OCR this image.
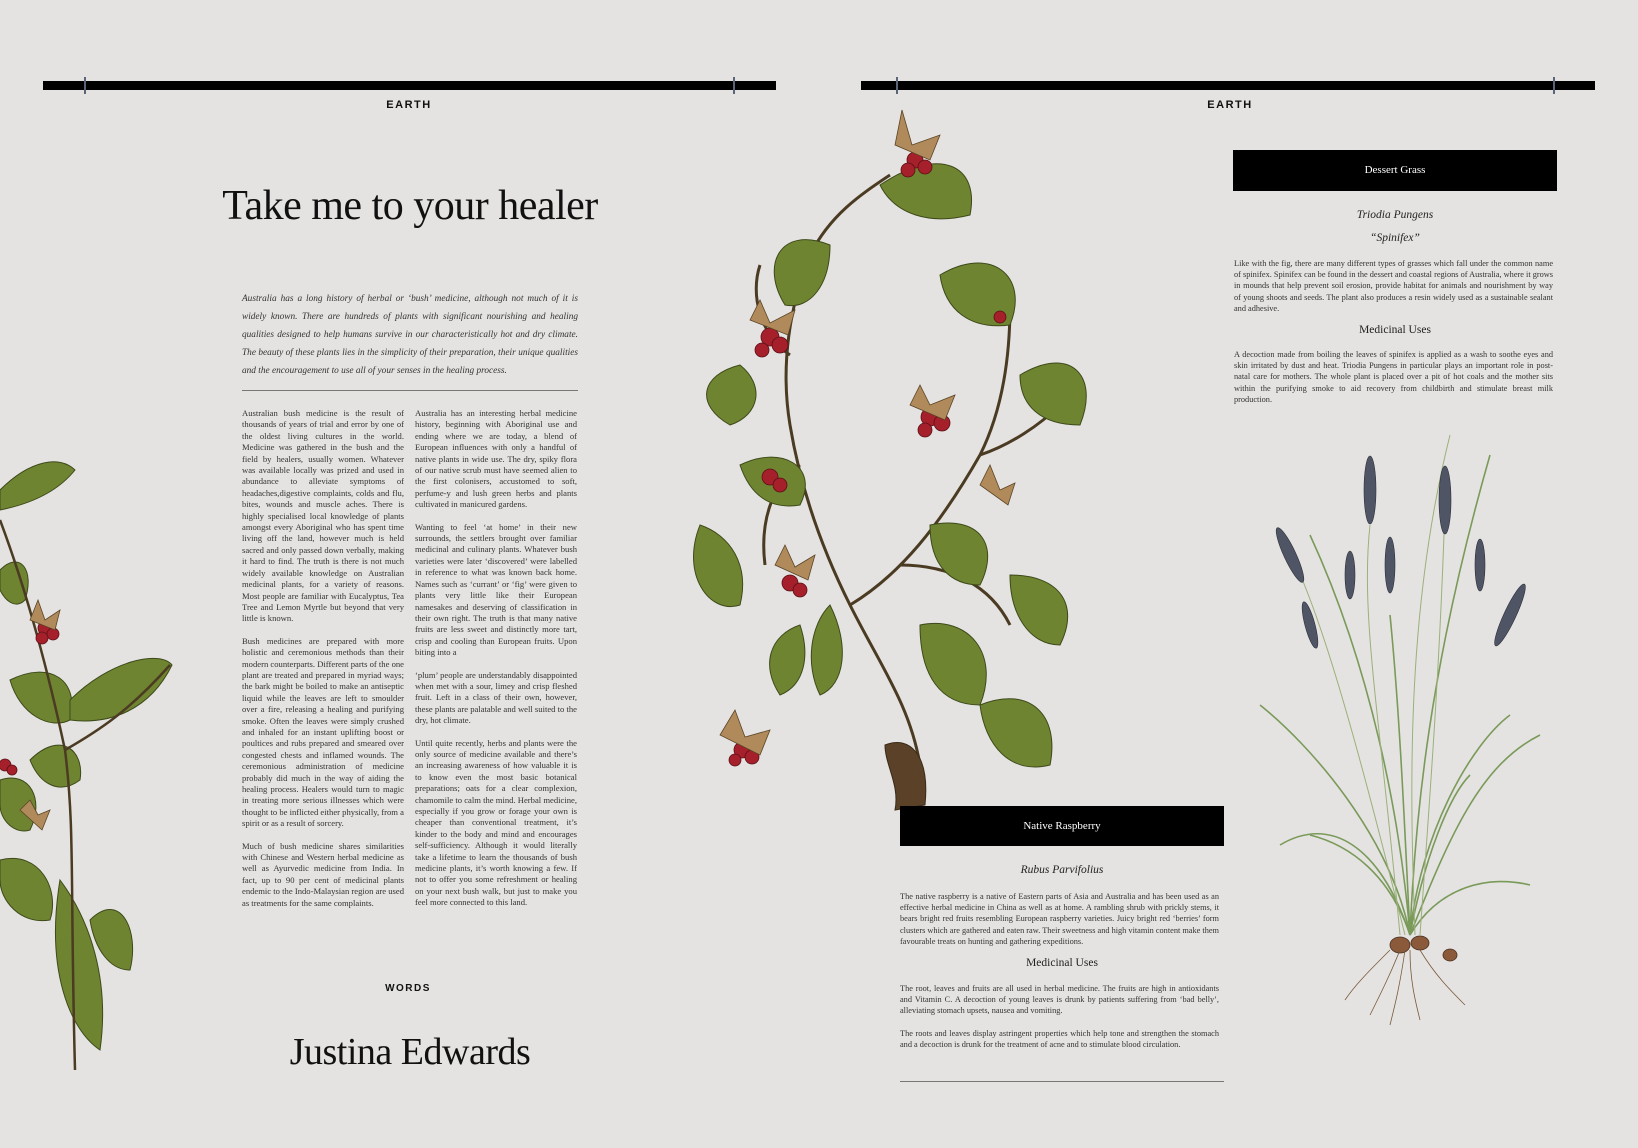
EARTH	EARTH
Take me to your healer
Australia has a long history of herbal or ‘bush’ medicine, although not much of it is widely known. There are hundreds of plants with significant nourishing and healing qualities designed to help humans survive in our characteristically hot and dry climate. The beauty of these plants lies in the simplicity of their preparation, their unique qualities and the encouragement to use all of your senses in the healing process.

Australian bush medicine is the result of thousands of years of trial and error by one of the oldest living cultures in the world. Medicine was gathered in the bush and the field by healers, usually women. Whatever was available locally was prized and used in abundance to alleviate symptoms of headaches,digestive complaints, colds and flu, bites, wounds and muscle aches. There is highly specialised local knowledge of plants amongst every Aboriginal who has spent time living off the land, however much is held sacred and only passed down verbally, making it hard to find. The truth is there is not much widely available knowledge on Australian medicinal plants, for a variety of reasons. Most people are familiar with Eucalyptus, Tea Tree and Lemon Myrtle but beyond that very little is known.

Bush medicines are prepared with more holistic and ceremonious methods than their modern counterparts. Different parts of the one plant are treated and prepared in myriad ways; the bark might be boiled to make an antiseptic liquid while the leaves are left to smoulder over a fire, releasing a healing and purifying smoke. Often the leaves were simply crushed and inhaled for an instant uplifting boost or poultices and rubs prepared and smeared over congested chests and inflamed wounds. The ceremonious administration of medicine probably did much in the way of aiding the healing process. Healers would turn to magic in treating more serious illnesses which were thought to be inflicted either physically, from a spirit or as a result of sorcery.

Much of bush medicine shares similarities with Chinese and Western herbal medicine as well as Ayurvedic medicine from India. In fact, up to 90 per cent of medicinal plants endemic to the Indo-Malaysian region are used as treatments for the same complaints.

Australia has an interesting herbal medicine history, beginning with Aboriginal use and ending where we are today, a blend of European influences with only a handful of native plants in wide use. The dry, spiky flora of our native scrub must have seemed alien to the first colonisers, accustomed to soft, perfume-y and lush green herbs and plants cultivated in manicured gardens.

Wanting to feel ‘at home’ in their new surrounds, the settlers brought over familiar medicinal and culinary plants. Whatever bush varieties were later ‘discovered’ were labelled in reference to what was known back home. Names such as ‘currant’ or ‘fig’ were given to plants very little like their European namesakes and deserving of classification in their own right. The truth is that many native fruits are less sweet and distinctly more tart, crisp and cooling than European fruits. Upon biting into a

‘plum’ people are understandably disappointed when met with a sour, limey and crisp fleshed fruit. Left in a class of their own, however, these plants are palatable and well suited to the dry, hot climate.

Until quite recently, herbs and plants were the only source of medicine available and there’s an increasing awareness of how valuable it is to know even the most basic botanical preparations; oats for a clear complexion, chamomile to calm the mind. Herbal medicine, especially if you grow or forage your own is cheaper than conventional treatment, it’s kinder to the body and mind and encourages self-sufficiency. Although it would literally take a lifetime to learn the thousands of bush medicine plants, it’s worth knowing a few. If not to offer you some refreshment or healing on your next bush walk, but just to make you feel more connected to this land.

WORDS
Justina Edwards
Native Raspberry
Rubus Parvifolius
The native raspberry is a native of Eastern parts of Asia and Australia and has been used as an effective herbal medicine in China as well as at home. A rambling shrub with prickly stems, it bears bright red fruits resembling European raspberry varieties. Juicy bright red ‘berries’ form clusters which are gathered and eaten raw. Their sweetness and high vitamin content make them favourable treats on hunting and gathering expeditions.
Medicinal Uses
The root, leaves and fruits are all used in herbal medicine. The fruits are high in antioxidants and Vitamin C. A decoction of young leaves is drunk by patients suffering from ‘bad belly’, alleviating stomach upsets, nausea and vomiting.
The roots and leaves display astringent properties which help tone and strengthen the stomach and a decoction is drunk for the treatment of acne and to stimulate blood circulation.
Dessert Grass
Triodia Pungens
“Spinifex”
Like with the fig, there are many different types of grasses which fall under the common name of spinifex. Spinifex can be found in the dessert and coastal regions of Australia, where it grows in mounds that help prevent soil erosion, provide habitat for animals and nourishment by way of young shoots and seeds. The plant also produces a resin widely used as a sustainable sealant and adhesive.
Medicinal Uses
A decoction made from boiling the leaves of spinifex is applied as a wash to soothe eyes and skin irritated by dust and heat. Triodia Pungens in particular plays an important role in post-natal care for mothers. The whole plant is placed over a pit of hot coals and the mother sits within the purifying smoke to aid recovery from childbirth and stimulate breast milk production.
